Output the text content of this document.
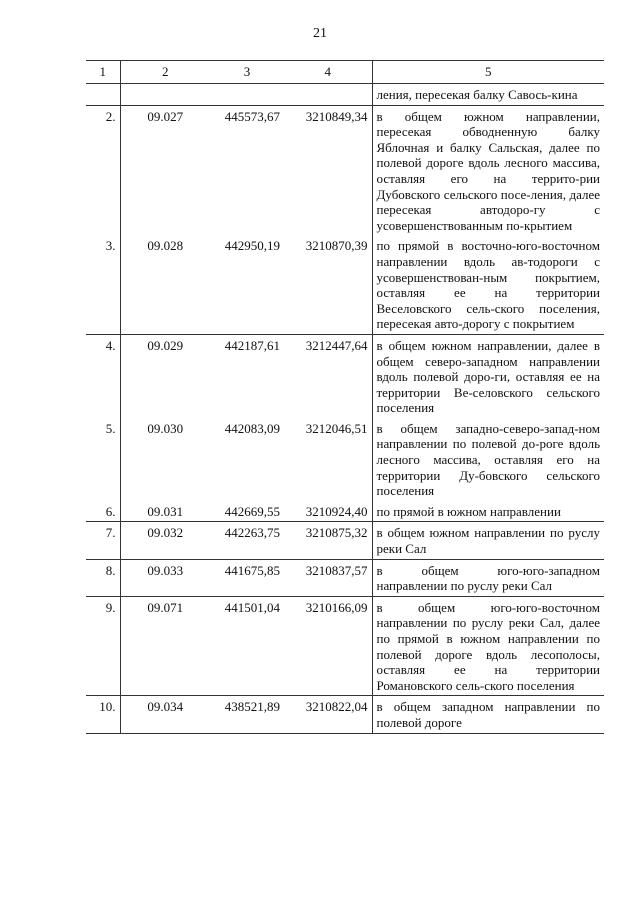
21
1	2	3	4	5
				ления, пересекая балку Савось-кина
2.	09.027	445573,67	3210849,34	в общем южном направлении, пересекая обводненную балку Яблочная и балку Сальская, далее по полевой дороге вдоль лесного массива, оставляя его на террито-рии Дубовского сельского посе-ления, далее пересекая автодоро-гу с усовершенствованным по-крытием
3.	09.028	442950,19	3210870,39	по прямой в восточно-юго-восточном направлении вдоль ав-тодороги с усовершенствован-ным покрытием, оставляя ее на территории Веселовского сель-ского поселения, пересекая авто-дорогу с покрытием
4.	09.029	442187,61	3212447,64	в общем южном направлении, далее в общем северо-западном направлении вдоль полевой доро-ги, оставляя ее на территории Ве-селовского сельского поселения
5.	09.030	442083,09	3212046,51	в общем западно-северо-запад-ном направлении по полевой до-роге вдоль лесного массива, оставляя его на территории Ду-бовского сельского поселения
6.	09.031	442669,55	3210924,40	по прямой в южном направлении
7.	09.032	442263,75	3210875,32	в общем южном направлении по руслу реки Сал
8.	09.033	441675,85	3210837,57	в общем юго-юго-западном направлении по руслу реки Сал
9.	09.071	441501,04	3210166,09	в общем юго-юго-восточном направлении по руслу реки Сал, далее по прямой в южном направлении по полевой дороге вдоль лесополосы, оставляя ее на территории Романовского сель-ского поселения
10.	09.034	438521,89	3210822,04	в общем западном направлении по полевой дороге
